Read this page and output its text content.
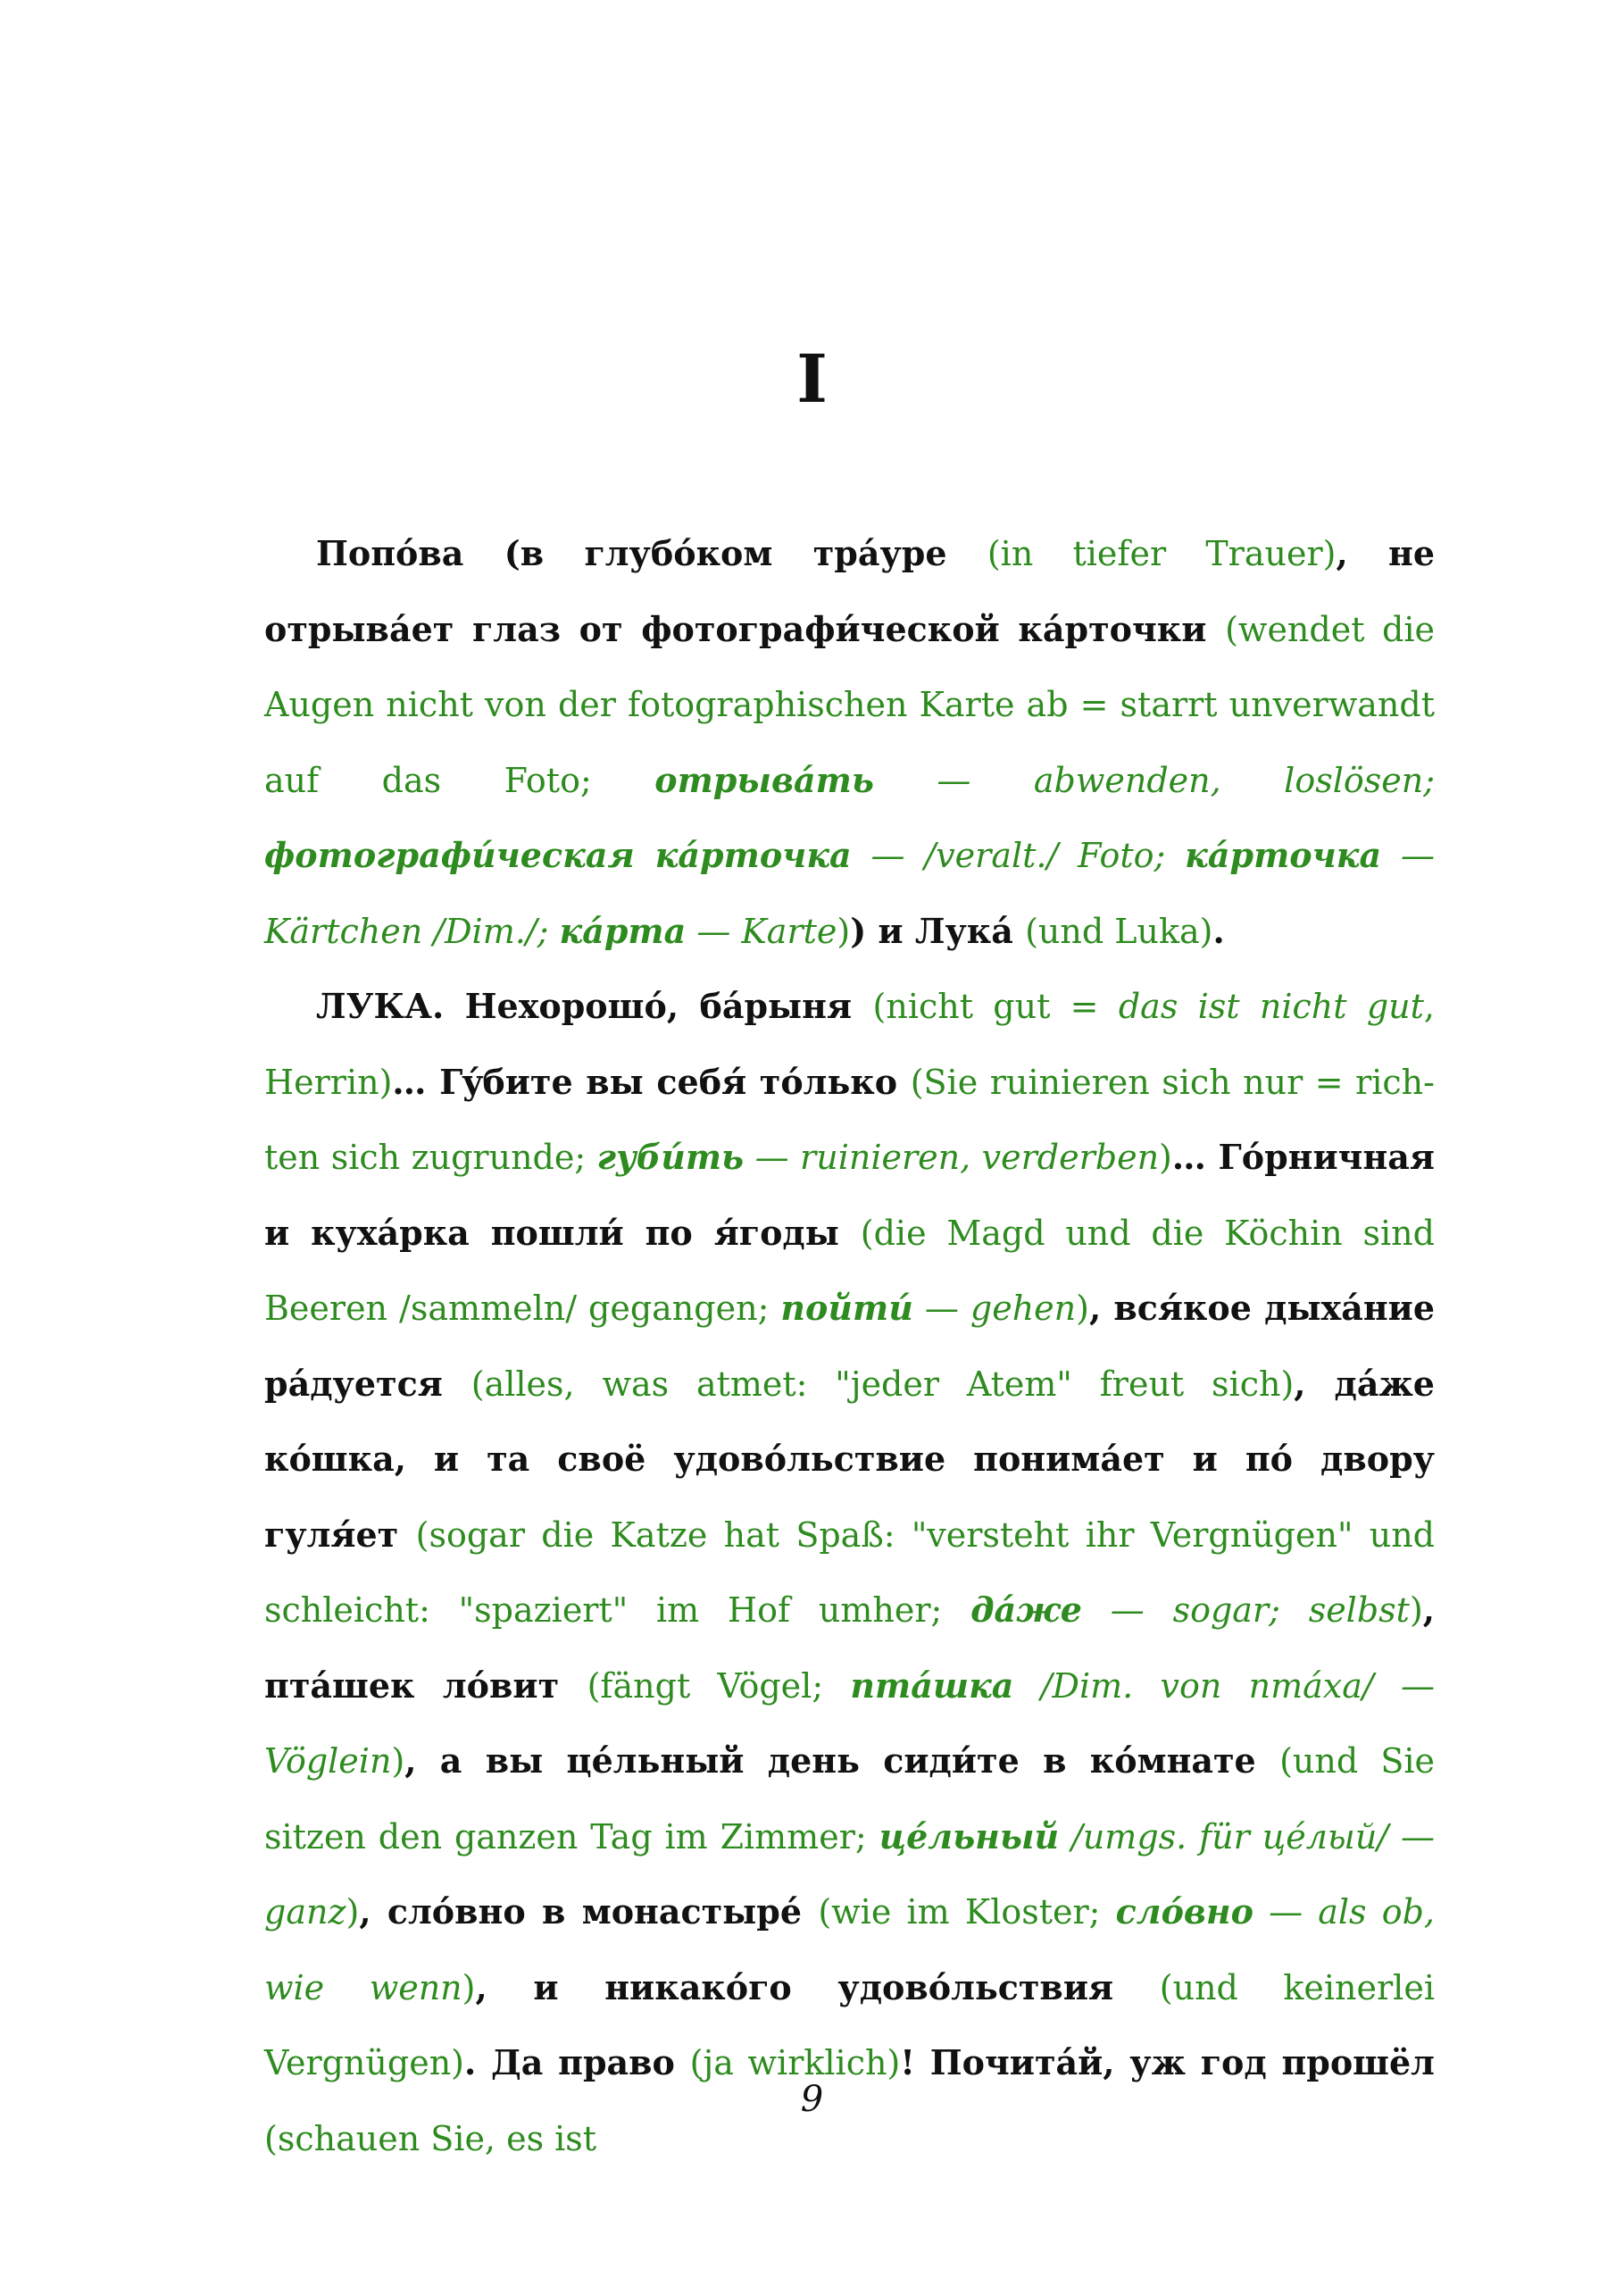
I

Попóва (в глубóком трáуре (in tiefer Trauer), не отрывáет глаз от фотографи́ческой кáрточки (wendet die Augen nicht von der fotographischen Karte ab = starrt unverwandt auf das Foto; отрывáть — abwenden, loslösen; фотографи́ческая кáрточка — /veralt./ Foto; кáрточка — Kärtchen /Dim./; кáрта — Karte)) и Лукá (und Luka).

ЛУКА. Нехорошó, бáрыня (nicht gut = das ist nicht gut, Herrin)… Гýбите вы себя́ тóлько (Sie ruinieren sich nur = richten sich zugrunde; губи́ть — ruinieren, verderben)… Гóрничная и кухáрка пошли́ по я́годы (die Magd und die Köchin sind Beeren /sammeln/ gegangen; пойти́ — gehen), вся́кое дыхáние рáдуется (alles, was atmet: "jeder Atem" freut sich), дáже кóшка, и та своё удовóльствие понимáет и пó двору гуля́ет (sogar die Katze hat Spaß: "versteht ihr Vergnügen" und schleicht: "spaziert" im Hof umher; дáже — sogar; selbst), птáшек лóвит (fängt Vögel; птáшка /Dim. von птáха/ — Vöglein), а вы цéльный день сиди́те в кóмнате (und Sie sitzen den ganzen Tag im Zimmer; цéльный /umgs. für цéлый/ — ganz), слóвно в монастырé (wie im Kloster; слóвно — als ob, wie wenn), и никакóго удовóльствия (und keinerlei Vergnügen). Да право (ja wirklich)! Почитáй, уж год прошёл (schauen Sie, es ist

9
